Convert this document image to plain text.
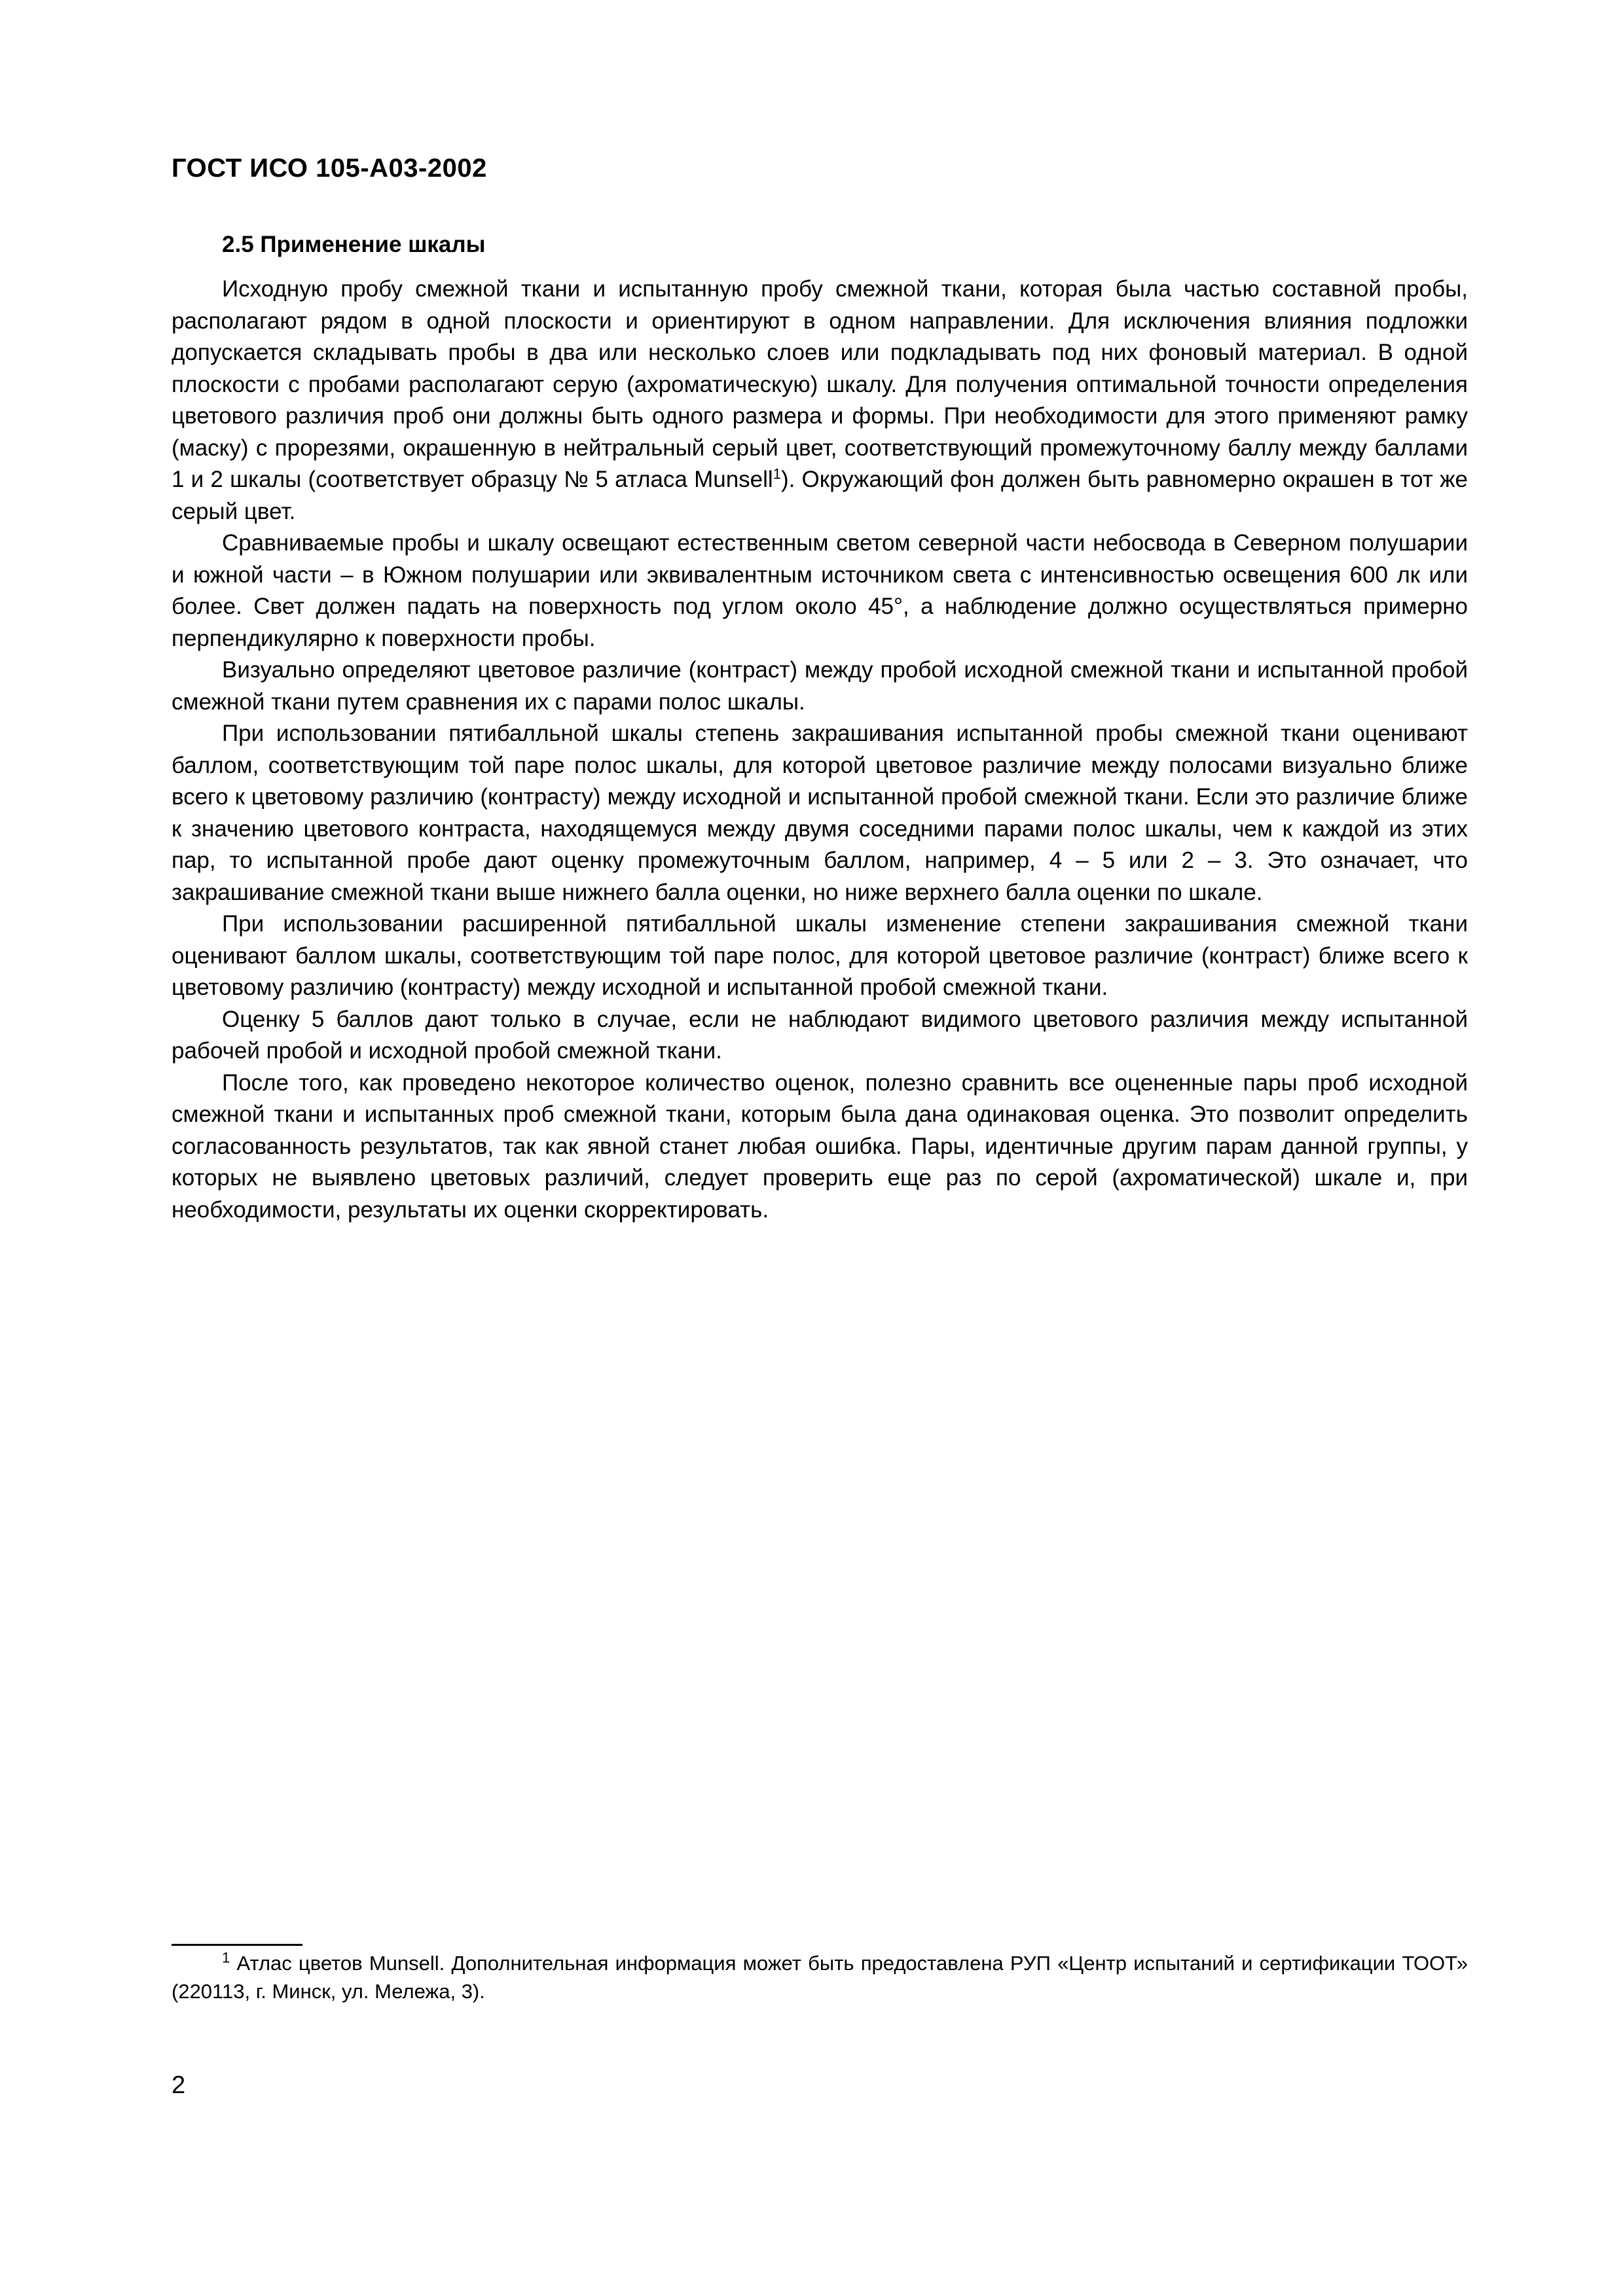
ГОСТ ИСО 105-А03-2002
2.5 Применение шкалы

Исходную пробу смежной ткани и испытанную пробу смежной ткани, которая была частью составной пробы, располагают рядом в одной плоскости и ориентируют в одном направлении. Для исключения влияния подложки допускается складывать пробы в два или несколько слоев или подкладывать под них фоновый материал. В одной плоскости с пробами располагают серую (ахроматическую) шкалу. Для получения оптимальной точности определения цветового различия проб они должны быть одного размера и формы. При необходимости для этого применяют рамку (маску) с прорезями, окрашенную в нейтральный серый цвет, соответствующий промежуточному баллу между баллами 1 и 2 шкалы (соответствует образцу № 5 атласа Munsell$^1$). Окружающий фон должен быть равномерно окрашен в тот же серый цвет.

Сравниваемые пробы и шкалу освещают естественным светом северной части небосвода в Северном полушарии и южной части – в Южном полушарии или эквивалентным источником света с интенсивностью освещения 600 лк или более. Свет должен падать на поверхность под углом около 45°, а наблюдение должно осуществляться примерно перпендикулярно к поверхности пробы.

Визуально определяют цветовое различие (контраст) между пробой исходной смежной ткани и испытанной пробой смежной ткани путем сравнения их с парами полос шкалы.

При использовании пятибалльной шкалы степень закрашивания испытанной пробы смежной ткани оценивают баллом, соответствующим той паре полос шкалы, для которой цветовое различие между полосами визуально ближе всего к цветовому различию (контрасту) между исходной и испытанной пробой смежной ткани. Если это различие ближе к значению цветового контраста, находящемуся между двумя соседними парами полос шкалы, чем к каждой из этих пар, то испытанной пробе дают оценку промежуточным баллом, например, 4 – 5 или 2 – 3. Это означает, что закрашивание смежной ткани выше нижнего балла оценки, но ниже верхнего балла оценки по шкале.

При использовании расширенной пятибалльной шкалы изменение степени закрашивания смежной ткани оценивают баллом шкалы, соответствующим той паре полос, для которой цветовое различие (контраст) ближе всего к цветовому различию (контрасту) между исходной и испытанной пробой смежной ткани.

Оценку 5 баллов дают только в случае, если не наблюдают видимого цветового различия между испытанной рабочей пробой и исходной пробой смежной ткани.

После того, как проведено некоторое количество оценок, полезно сравнить все оцененные пары проб исходной смежной ткани и испытанных проб смежной ткани, которым была дана одинаковая оценка. Это позволит определить согласованность результатов, так как явной станет любая ошибка. Пары, идентичные другим парам данной группы, у которых не выявлено цветовых различий, следует проверить еще раз по серой (ахроматической) шкале и, при необходимости, результаты их оценки скорректировать.

$^1$ Атлас цветов Munsell. Дополнительная информация может быть предоставлена РУП «Центр испытаний и сертификации ТООТ» (220113, г. Минск, ул. Мележа, 3).

2
